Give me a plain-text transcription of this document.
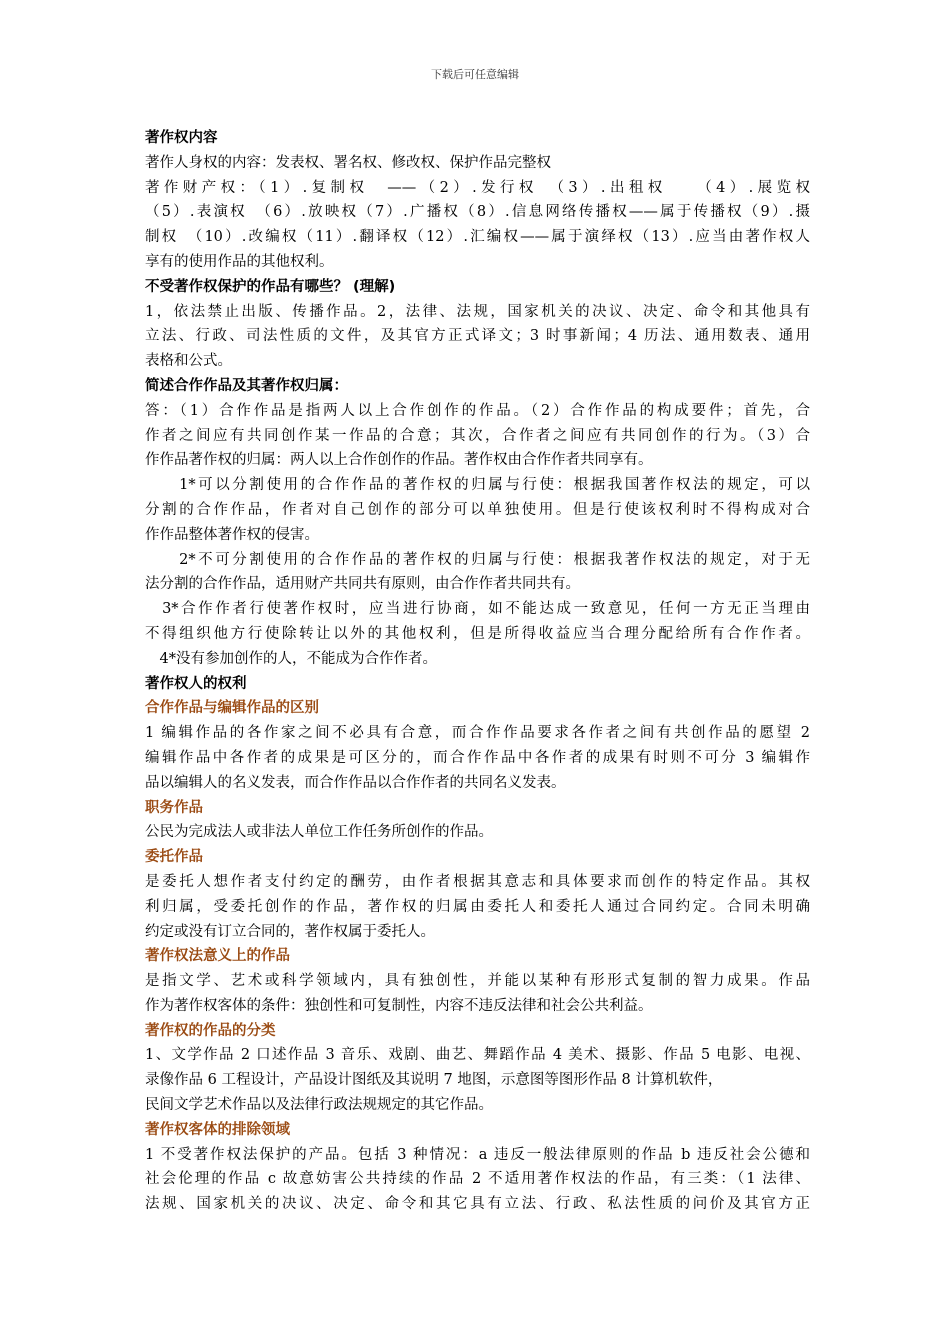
下载后可任意编辑
著作权内容
著作人身权的内容：发表权、署名权、修改权、保护作品完整权
著作财产权：（1）.复制权　——（2）.发行权　（3）.出租权　　（4）.展览权
（5）.表演权　（6）.放映权（7）.广播权（8）.信息网络传播权——属于传播权（9）.摄
制权　（10）.改编权（11）.翻译权（12）.汇编权——属于演绎权（13）.应当由著作权人
享有的使用作品的其他权利。
不受著作权保护的作品有哪些？ (理解)
1，依法禁止出版、传播作品。2，法律、法规，国家机关的决议、决定、命令和其他具有
立法、行政、司法性质的文件，及其官方正式译文；3 时事新闻；4 历法、通用数表、通用
表格和公式。
简述合作作品及其著作权归属：
答：（1）合作作品是指两人以上合作创作的作品。（2）合作作品的构成要件；首先，合
作者之间应有共同创作某一作品的合意；其次，合作者之间应有共同创作的行为。（3）合
作作品著作权的归属：两人以上合作创作的作品。著作权由合作作者共同享有。
　　1*可以分割使用的合作作品的著作权的归属与行使：根据我国著作权法的规定，可以
分割的合作作品，作者对自己创作的部分可以单独使用。但是行使该权利时不得构成对合
作作品整体著作权的侵害。
　　2*不可分割使用的合作作品的著作权的归属与行使：根据我著作权法的规定，对于无
法分割的合作作品，适用财产共同共有原则，由合作作者共同共有。
　3*合作作者行使著作权时，应当进行协商，如不能达成一致意见，任何一方无正当理由
不得组织他方行使除转让以外的其他权利，但是所得收益应当合理分配给所有合作作者。
　4*没有参加创作的人，不能成为合作作者。
著作权人的权利
合作作品与编辑作品的区别
1 编辑作品的各作家之间不必具有合意，而合作作品要求各作者之间有共创作品的愿望 2
编辑作品中各作者的成果是可区分的，而合作作品中各作者的成果有时则不可分 3 编辑作
品以编辑人的名义发表，而合作作品以合作作者的共同名义发表。
职务作品
公民为完成法人或非法人单位工作任务所创作的作品。
委托作品
是委托人想作者支付约定的酬劳，由作者根据其意志和具体要求而创作的特定作品。其权
利归属，受委托创作的作品，著作权的归属由委托人和委托人通过合同约定。合同未明确
约定或没有订立合同的，著作权属于委托人。
著作权法意义上的作品
是指文学、艺术或科学领域内，具有独创性，并能以某种有形形式复制的智力成果。作品
作为著作权客体的条件：独创性和可复制性，内容不违反法律和社会公共利益。
著作权的作品的分类
1、文学作品 2 口述作品 3 音乐、戏剧、曲艺、舞蹈作品 4 美术、摄影、作品 5 电影、电视、
录像作品 6 工程设计，产品设计图纸及其说明 7 地图，示意图等图形作品 8 计算机软件，
民间文学艺术作品以及法律行政法规规定的其它作品。
著作权客体的排除领域
1 不受著作权法保护的产品。包括 3 种情况：a 违反一般法律原则的作品 b 违反社会公德和
社会伦理的作品 c 故意妨害公共持续的作品 2 不适用著作权法的作品，有三类：（1 法律、
法规、国家机关的决议、决定、命令和其它具有立法、行政、私法性质的问价及其官方正
